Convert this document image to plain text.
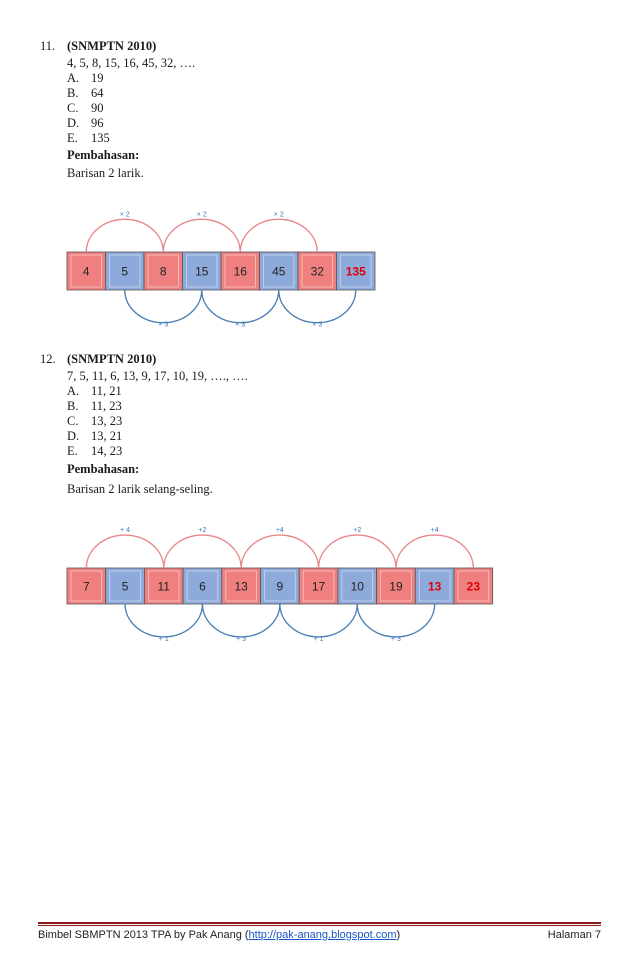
11. (SNMPTN 2010)
4, 5, 8, 15, 16, 45, 32, ….
A. 19
B. 64
C. 90
D. 96
E. 135
Pembahasan:
Barisan 2 larik.
4	5	8 15 16 45 32 135
× 2	× 2	× 2
× 3	× 3	× 3
7	5 11 6 13 9 17 10 19 13 23
+ 4	+2	+4	+2	+4
+ 1	+ 3	+ 1	+ 3
12. (SNMPTN 2010)
7, 5, 11, 6, 13, 9, 17, 10, 19, …., ….
A. 11, 21
B. 11, 23
C. 13, 23
D. 13, 21
E. 14, 23
Pembahasan:
Barisan 2 larik selang-seling.
Bimbel SBMPTN 2013 TPA by Pak Anang (http://pak-anang.blogspot.com)	Halaman 7
